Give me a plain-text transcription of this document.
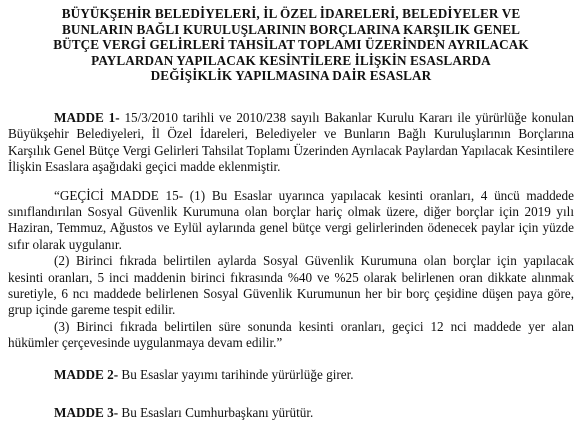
BÜYÜKŞEHİR BELEDİYELERİ, İL ÖZEL İDARELERİ, BELEDİYELER VE
BUNLARIN BAĞLI KURULUŞLARININ BORÇLARINA KARŞILIK GENEL
BÜTÇE VERGİ GELİRLERİ TAHSİLAT TOPLAMI ÜZERİNDEN AYRILACAK
PAYLARDAN YAPILACAK KESİNTİLERE İLİŞKİN ESASLARDA
DEĞİŞİKLİK YAPILMASINA DAİR ESASLAR

MADDE 1- 15/3/2010 tarihli ve 2010/238 sayılı Bakanlar Kurulu Kararı ile yürürlüğe konulan Büyükşehir Belediyeleri, İl Özel İdareleri, Belediyeler ve Bunların Bağlı Kuruluşlarının Borçlarına Karşılık Genel Bütçe Vergi Gelirleri Tahsilat Toplamı Üzerinden Ayrılacak Paylardan Yapılacak Kesintilere İlişkin Esaslara aşağıdaki geçici madde eklenmiştir.

“GEÇİCİ MADDE 15- (1) Bu Esaslar uyarınca yapılacak kesinti oranları, 4 üncü maddede sınıflandırılan Sosyal Güvenlik Kurumuna olan borçlar hariç olmak üzere, diğer borçlar için 2019 yılı Haziran, Temmuz, Ağustos ve Eylül aylarında genel bütçe vergi gelirlerinden ödenecek paylar için yüzde sıfır olarak uygulanır.

(2) Birinci fıkrada belirtilen aylarda Sosyal Güvenlik Kurumuna olan borçlar için yapılacak kesinti oranları, 5 inci maddenin birinci fıkrasında %40 ve %25 olarak belirlenen oran dikkate alınmak suretiyle, 6 ncı maddede belirlenen Sosyal Güvenlik Kurumunun her bir borç çeşidine düşen paya göre, grup içinde gareme tespit edilir.

(3) Birinci fıkrada belirtilen süre sonunda kesinti oranları, geçici 12 nci maddede yer alan hükümler çerçevesinde uygulanmaya devam edilir.”

MADDE 2- Bu Esaslar yayımı tarihinde yürürlüğe girer.

MADDE 3- Bu Esasları Cumhurbaşkanı yürütür.
